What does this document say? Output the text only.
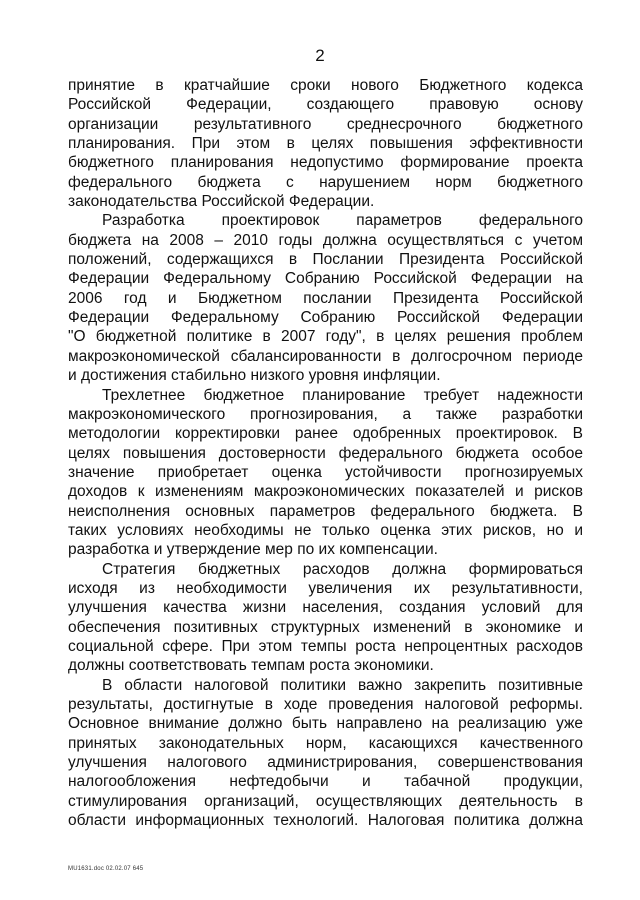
2
принятие в кратчайшие сроки нового Бюджетного кодекса
Российской Федерации, создающего правовую основу
организации результативного среднесрочного бюджетного
планирования. При этом в целях повышения эффективности
бюджетного планирования недопустимо формирование проекта
федерального бюджета с нарушением норм бюджетного
законодательства Российской Федерации.
Разработка проектировок параметров федерального
бюджета на 2008 – 2010 годы должна осуществляться с учетом
положений, содержащихся в Послании Президента Российской
Федерации Федеральному Собранию Российской Федерации на
2006 год и Бюджетном послании Президента Российской
Федерации Федеральному Собранию Российской Федерации
"О бюджетной политике в 2007 году", в целях решения проблем
макроэкономической сбалансированности в долгосрочном периоде
и достижения стабильно низкого уровня инфляции.
Трехлетнее бюджетное планирование требует надежности
макроэкономического прогнозирования, а также разработки
методологии корректировки ранее одобренных проектировок. В
целях повышения достоверности федерального бюджета особое
значение приобретает оценка устойчивости прогнозируемых
доходов к изменениям макроэкономических показателей и рисков
неисполнения основных параметров федерального бюджета. В
таких условиях необходимы не только оценка этих рисков, но и
разработка и утверждение мер по их компенсации.
Стратегия бюджетных расходов должна формироваться
исходя из необходимости увеличения их результативности,
улучшения качества жизни населения, создания условий для
обеспечения позитивных структурных изменений в экономике и
социальной сфере. При этом темпы роста непроцентных расходов
должны соответствовать темпам роста экономики.
В области налоговой политики важно закрепить позитивные
результаты, достигнутые в ходе проведения налоговой реформы.
Основное внимание должно быть направлено на реализацию уже
принятых законодательных норм, касающихся качественного
улучшения налогового администрирования, совершенствования
налогообложения нефтедобычи и табачной продукции,
стимулирования организаций, осуществляющих деятельность в
области информационных технологий. Налоговая политика должна
MU1631.doc 02.02.07 645
